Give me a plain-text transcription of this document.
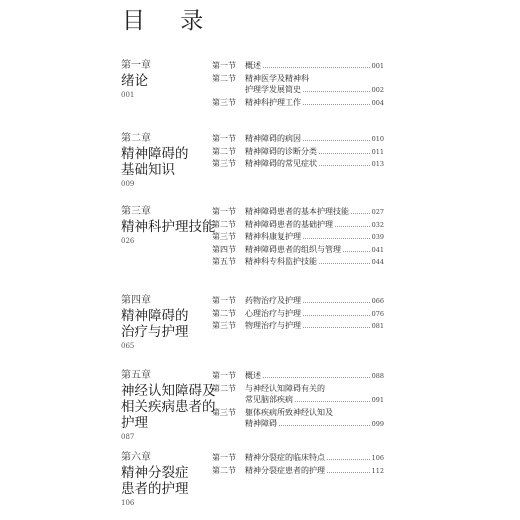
目 录
第一章
绪论
001
第一节	概述	001
第二节	精神医学及精神科
护理学发展简史	002
第三节	精神科护理工作	004
第二章
精神障碍的
基础知识
009
第一节	精神障碍的病因	010
第二节	精神障碍的诊断分类	011
第三节	精神障碍的常见症状	013
第三章
精神科护理技能
026
第一节	精神障碍患者的基本护理技能	027
第二节	精神障碍患者的基础护理	032
第三节	精神科康复护理	039
第四节	精神障碍患者的组织与管理	041
第五节	精神科专科监护技能	044
第四章
精神障碍的
治疗与护理
065
第一节	药物治疗及护理	066
第二节	心理治疗与护理	076
第三节	物理治疗与护理	081
第五章
神经认知障碍及
相关疾病患者的
护理
087
第一节	概述	088
第二节	与神经认知障碍有关的
常见脑部疾病	091
第三节	躯体疾病所致神经认知及
精神障碍	099
第六章
精神分裂症
患者的护理
106
第一节	精神分裂症的临床特点	106
第二节	精神分裂症患者的护理	112
